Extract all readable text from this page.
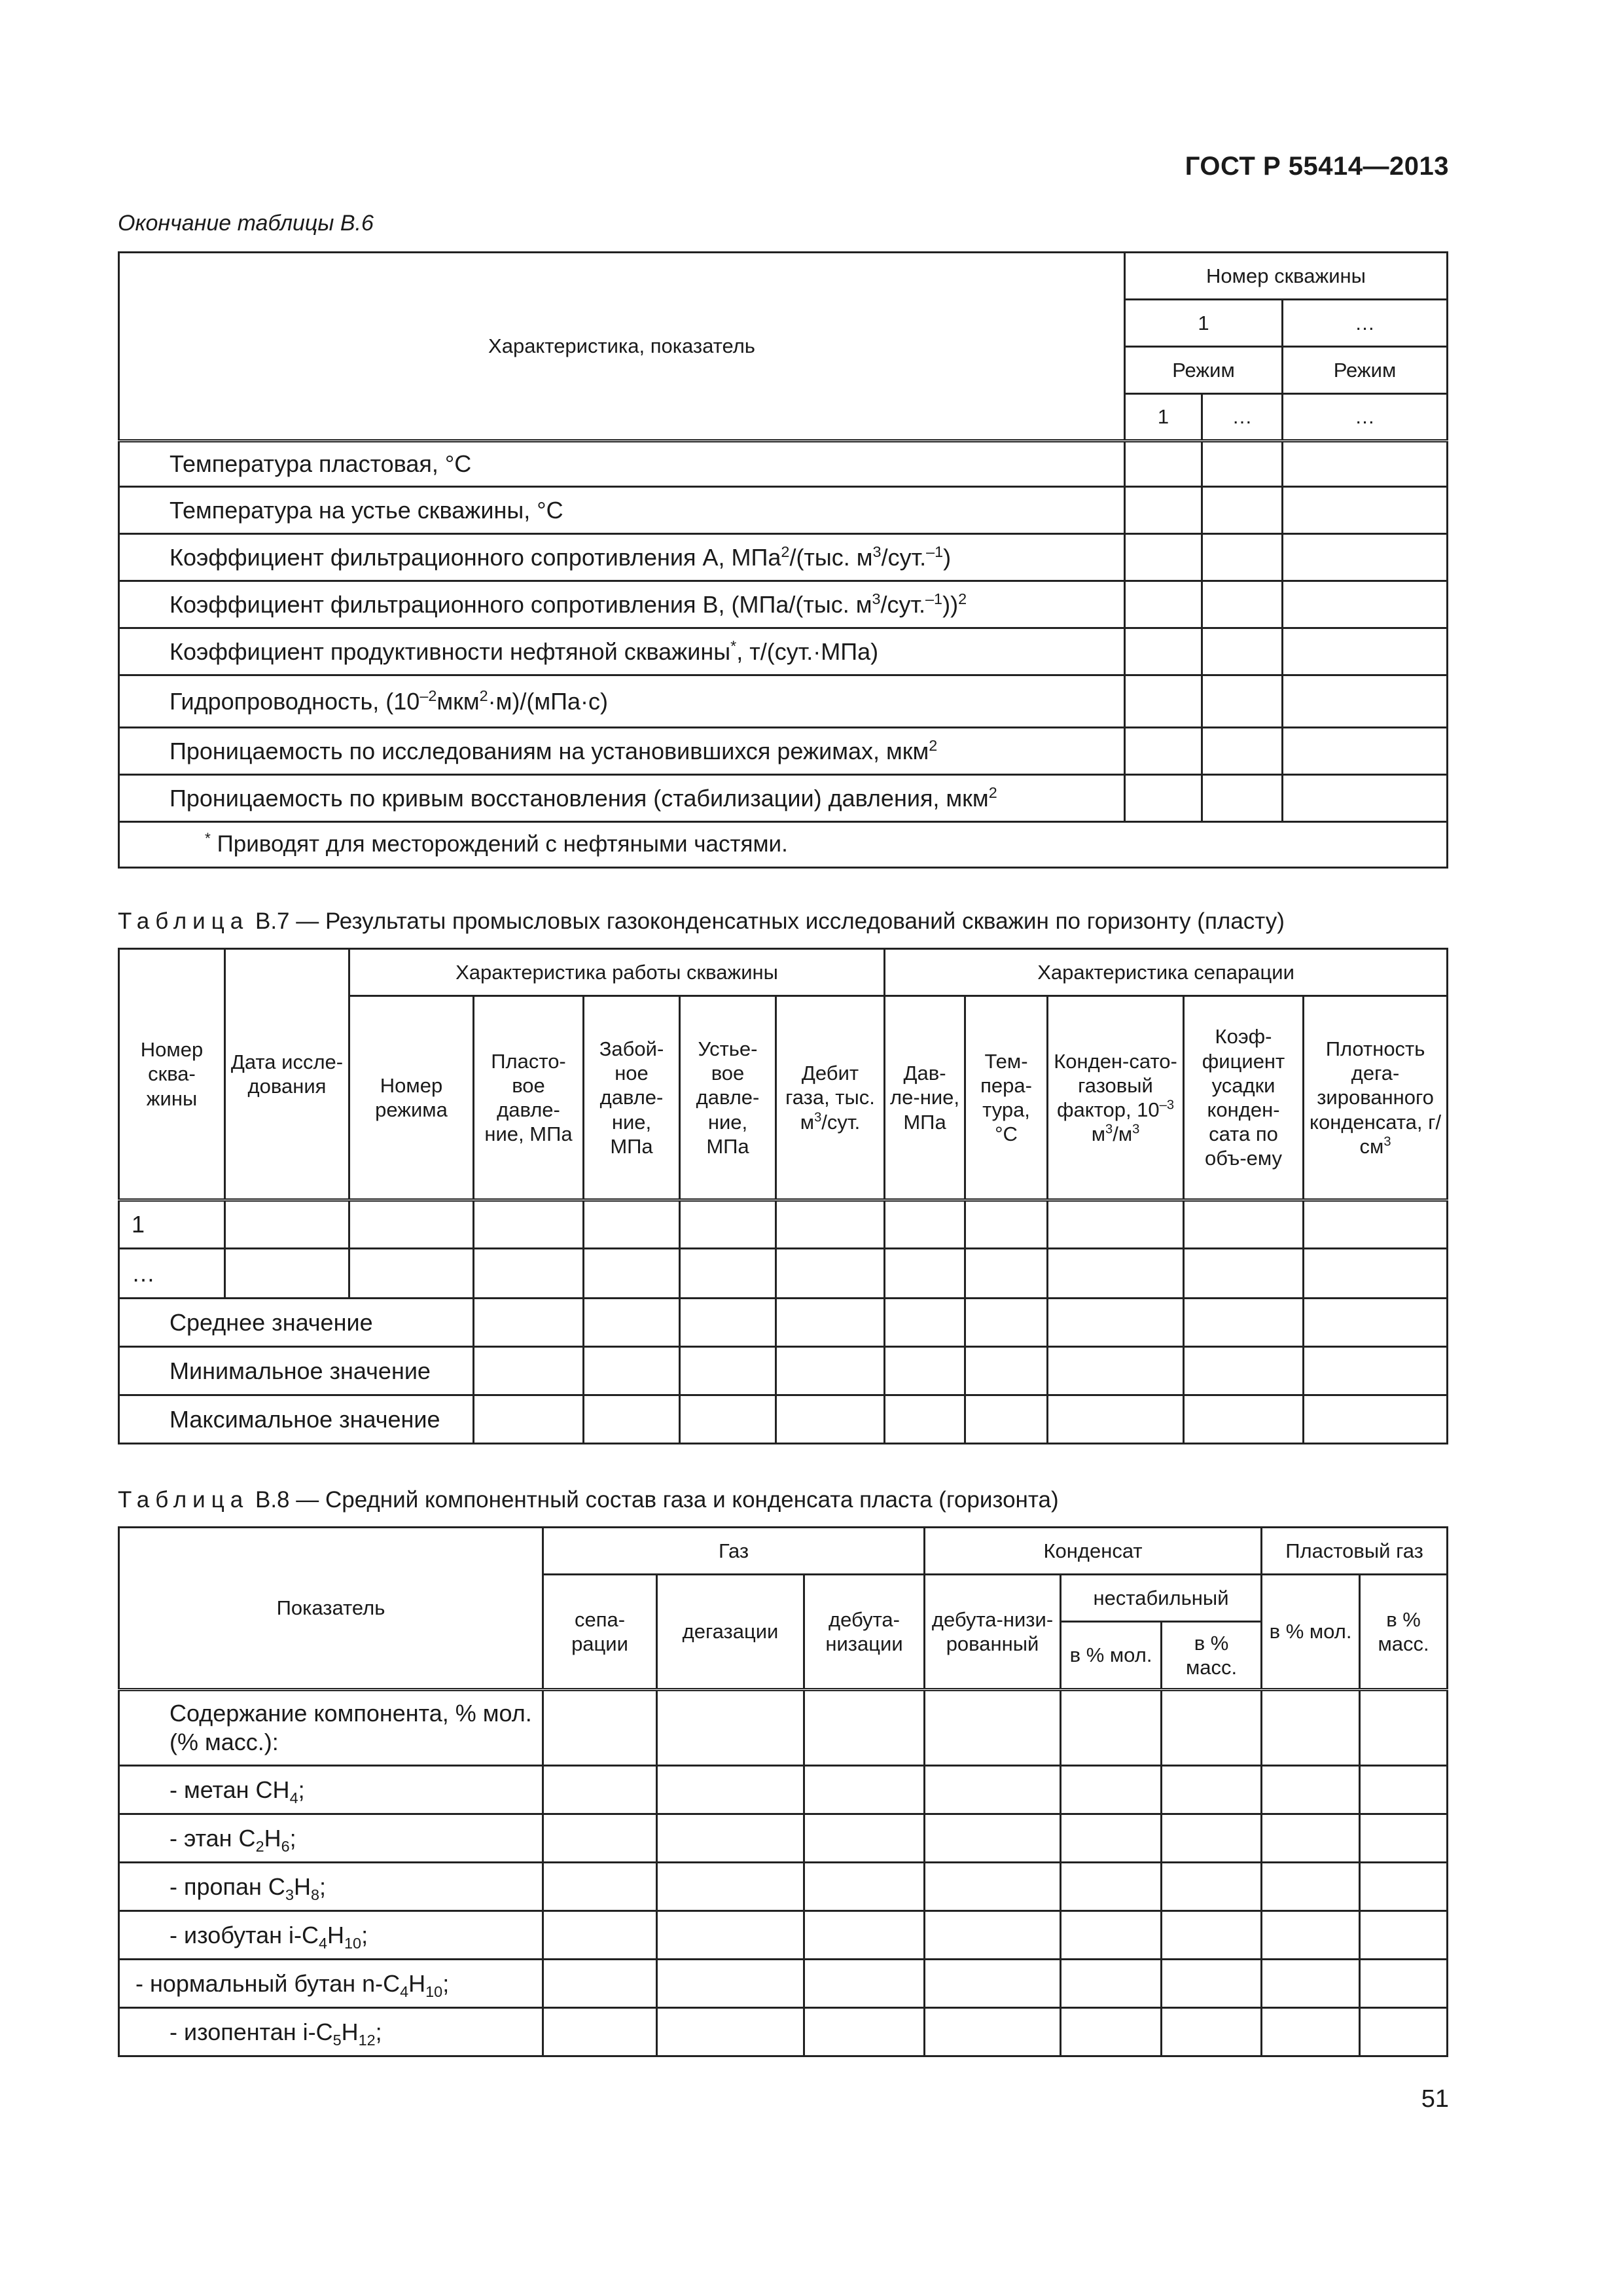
ГОСТ Р 55414—2013
Окончание таблицы В.6
Характеристика, показатель	Номер скважины		
	1		…
	Режим		Режим
	1	…	…
Температура пластовая, °С			
Температура на устье скважины, °С			
Коэффициент фильтрационного сопротивления A, МПа$^2$/(тыс. $м^3/сут.^{-1}$)			
Коэффициент фильтрационного сопротивления B, (МПа/(тыс. $м^3/сут.^{-1}))^2$			
Коэффициент продуктивности нефтяной скважины*, т/(сут.·МПа)			
Гидропроводность, $(10^{-2}мкм^2\cdot м)/(мПа\cdot с)$			
Проницаемость по исследованиям на установившихся режимах, мкм$^2$			
Проницаемость по кривым восстановления (стабилизации) давления, мкм$^2$			
* Приводят для месторождений с нефтяными частями.			
Таблица В.7 — Результаты промысловых газоконденсатных исследований скважин по горизонту (пласту)
Номер сква-жины	Дата иссле-дования	Характеристика работы скважины					Характеристика сепарации				
		Номер режима	Пласто-вое давле-ние, МПа	Забой-ное давле-ние, МПа	Устье-вое давле-ние, МПа	Дебит газа, тыс. $м^3$/сут.	Дав-ле-ние, МПа	Тем-пера-тура, °С	Конден-сато-газовый фактор, $10^{-3}$ $м^3/м^3$	Коэф-фициент усадки конден-сата по объ-ему	Плотность дега-зированного конденсата, $г/см^3$
1											
…											
Среднее значение											
Минимальное значение											
Максимальное значение											
Таблица В.8 — Средний компонентный состав газа и конденсата пласта (горизонта)
Показатель	Газ			Конденсат			Пластовый газ	
	сепа-рации	дегазации	дебута-низации	дебута-низи-рованный	нестабильный		в % мол.	в % масс.
					в % мол.	в % масс.		
Содержание компонента, % мол. (% масс.):								
- метан $CH_4$;								
- этан $C_2H_6$;								
- пропан $C_3H_8$;								
- изобутан $i-C_4H_{10}$;								
- нормальный бутан $n-C_4H_{10}$;								
- изопентан $i-C_5H_{12}$;								
51
